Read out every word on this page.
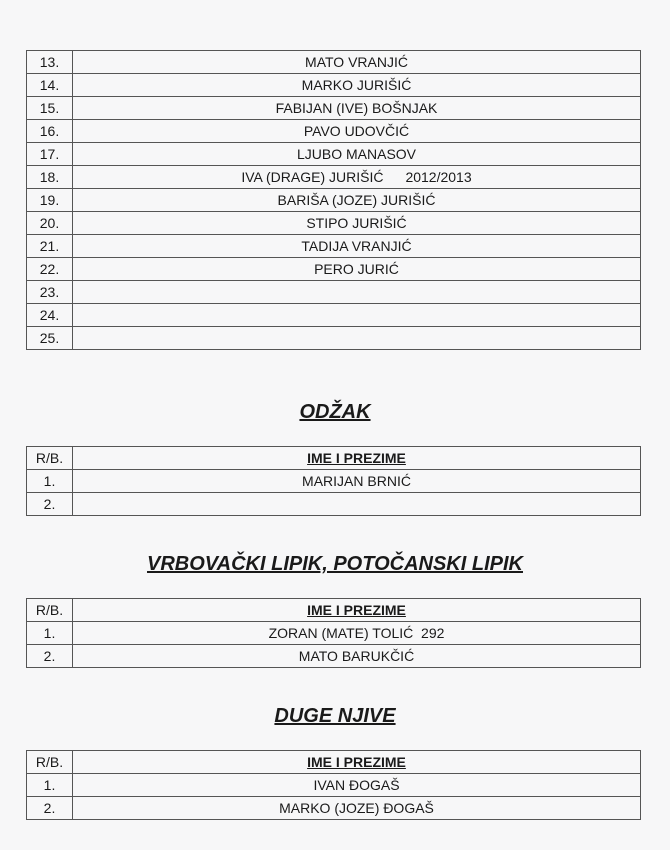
13.	MATO VRANJIĆ
14.	MARKO JURIŠIĆ
15.	FABIJAN (IVE) BOŠNJAK
16.	PAVO UDOVČIĆ
17.	LJUBO MANASOV
18.	IVA (DRAGE) JURIŠIĆ 2012/2013
19.	BARIŠA (JOZE) JURIŠIĆ
20.	STIPO JURIŠIĆ
21.	TADIJA VRANJIĆ
22.	PERO JURIĆ
23.	
24.	
25.	
ODŽAK
R/B.	IME I PREZIME
1.	MARIJAN BRNIĆ
2.	
VRBOVAČKI LIPIK, POTOČANSKI LIPIK
R/B.	IME I PREZIME
1.	ZORAN (MATE) TOLIĆ  292
2.	MATO BARUKČIĆ
DUGE NJIVE
R/B.	IME I PREZIME
1.	IVAN ĐOGAŠ
2.	MARKO (JOZE) ĐOGAŠ
